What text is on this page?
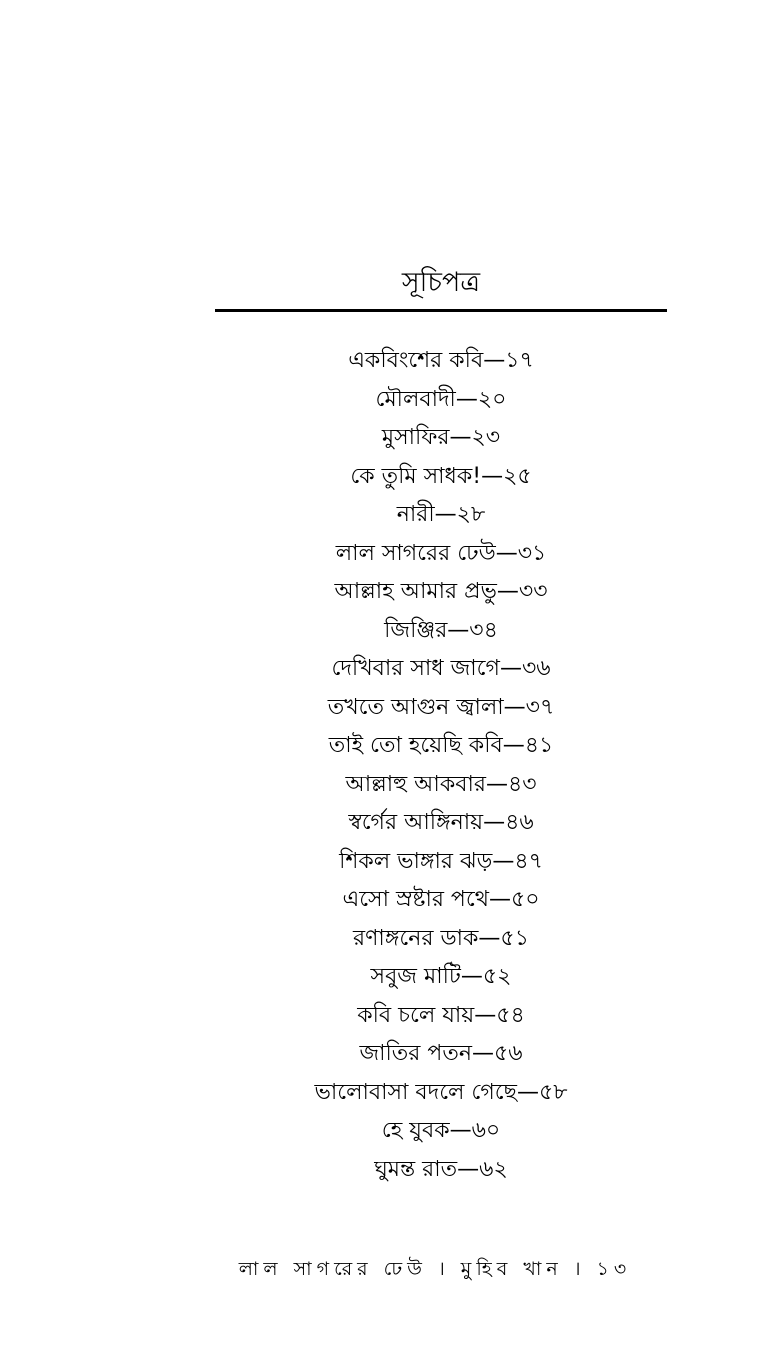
সূচিপত্র
একবিংশের কবি—১৭
মৌলবাদী—২০
মুসাফির—২৩
কে তুমি সাধক!—২৫
নারী—২৮
লাল সাগরের ঢেউ—৩১
আল্লাহ আমার প্রভু—৩৩
জিঞ্জির—৩৪
দেখিবার সাধ জাগে—৩৬
তখতে আগুন জ্বালা—৩৭
তাই তো হয়েছি কবি—৪১
আল্লাহু আকবার—৪৩
স্বর্গের আঙ্গিনায়—৪৬
শিকল ভাঙ্গার ঝড়—৪৭
এসো স্রষ্টার পথে—৫০
রণাঙ্গনের ডাক—৫১
সবুজ মাটি—৫২
কবি চলে যায়—৫৪
জাতির পতন—৫৬
ভালোবাসা বদলে গেছে—৫৮
হে যুবক—৬০
ঘুমন্ত রাত—৬২
লাল সাগরের ঢেউ । মুহিব খান । ১৩
